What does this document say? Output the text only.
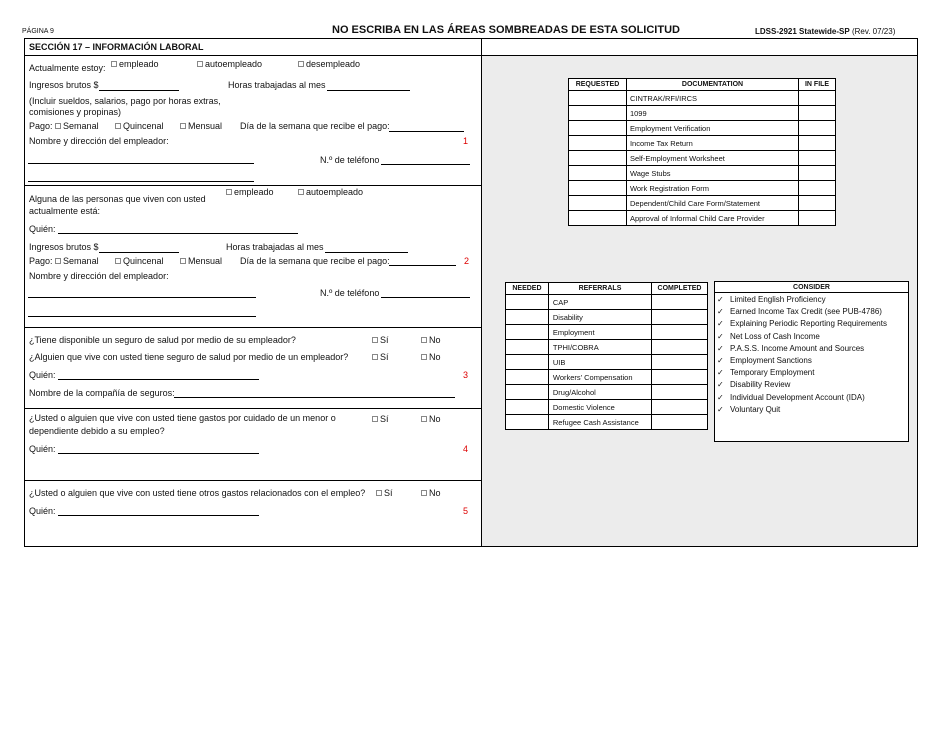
PÁGINA 9	NO ESCRIBA EN LAS ÁREAS SOMBREADAS DE ESTA SOLICITUD	LDSS-2921 Statewide-SP (Rev. 07/23)
SECCIÓN 17 – INFORMACIÓN LABORAL
Actualmente estoy:	empleado	autoempleado	desempleado
Ingresos brutos $	Horas trabajadas al mes
(Incluir sueldos, salarios, pago por horas extras, comisiones y propinas)
Pago: Semanal	Quincenal	Mensual Día de la semana que recibe el pago:
Nombre y dirección del empleador:	1
N.º de teléfono
Alguna de las personas que viven con usted actualmente está:
empleado	autoempleado
Quién:
Ingresos brutos $	Horas trabajadas al mes
Pago: Semanal	Quincenal	Mensual Día de la semana que recibe el pago:	2
Nombre y dirección del empleador:
N.º de teléfono
¿Tiene disponible un seguro de salud por medio de su empleador?	Sí	No
¿Alguien que vive con usted tiene seguro de salud por medio de un empleador?	Sí	No
Quién:	3
Nombre de la compañía de seguros:
¿Usted o alguien que vive con usted tiene gastos por cuidado de un menor o dependiente debido a su empleo?
Sí	No
Quién:	4
¿Usted o alguien que vive con usted tiene otros gastos relacionados con el empleo?	Sí	No
Quién:	5
REQUESTED	DOCUMENTATION	IN FILE
	CINTRAK/RFI/IRCS	
	1099	
	Employment Verification	
	Income Tax Return	
	Self-Employment Worksheet	
	Wage Stubs	
	Work Registration Form	
	Dependent/Child Care Form/Statement	
	Approval of Informal Child Care Provider	
NEEDED	REFERRALS	COMPLETED
	CAP	
	Disability	
	Employment	
	TPHI/COBRA	
	UIB	
	Workers’ Compensation	
	Drug/Alcohol	
	Domestic Violence	
	Refugee Cash Assistance	
CONSIDER
✓ Limited English Proficiency
✓ Earned Income Tax Credit (see PUB-4786)
✓ Explaining Periodic Reporting Requirements
✓ Net Loss of Cash Income
✓ P.A.S.S. Income Amount and Sources
✓ Employment Sanctions
✓ Temporary Employment
✓ Disability Review
✓ Individual Development Account (IDA)
✓ Voluntary Quit
